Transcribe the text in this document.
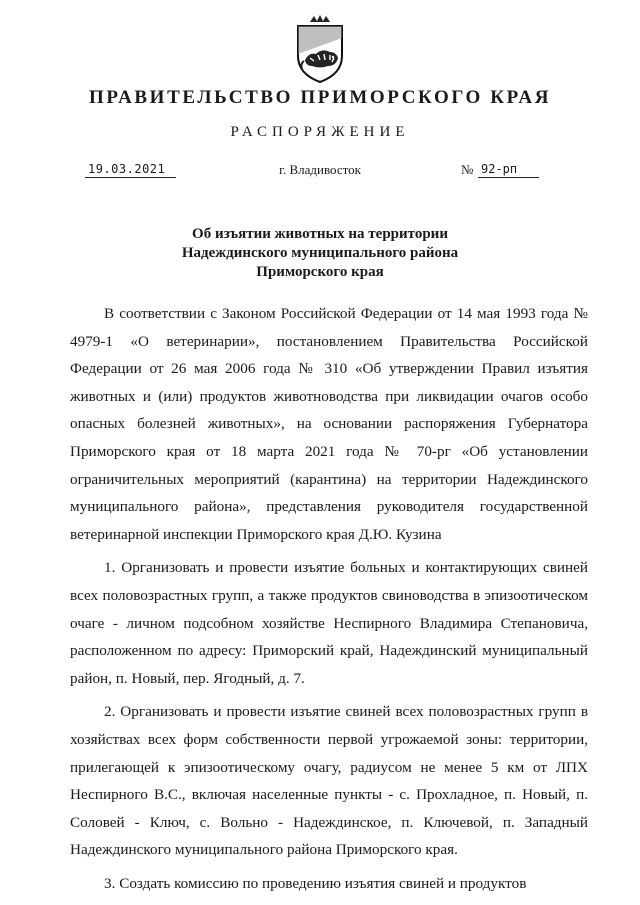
ПРАВИТЕЛЬСТВО ПРИМОРСКОГО КРАЯ
РАСПОРЯЖЕНИЕ
19.03.2021	г. Владивосток	№ 92-рп
Об изъятии животных на территории
Надеждинского муниципального района
Приморского края

В соответствии с Законом Российской Федерации от 14 мая 1993 года № 4979-1 «О ветеринарии», постановлением Правительства Российской Федерации от 26 мая 2006 года № 310 «Об утверждении Правил изъятия животных и (или) продуктов животноводства при ликвидации очагов особо опасных болезней животных», на основании распоряжения Губернатора Приморского края от 18 марта 2021 года № 70-рг «Об установлении ограничительных мероприятий (карантина) на территории Надеждинского муниципального района», представления руководителя государственной ветеринарной инспекции Приморского края Д.Ю. Кузина

1. Организовать и провести изъятие больных и контактирующих свиней всех половозрастных групп, а также продуктов свиноводства в эпизоотическом очаге - личном подсобном хозяйстве Неспирного Владимира Степановича, расположенном по адресу: Приморский край, Надеждинский муниципальный район, п. Новый, пер. Ягодный, д. 7.

2. Организовать и провести изъятие свиней всех половозрастных групп в хозяйствах всех форм собственности первой угрожаемой зоны: территории, прилегающей к эпизоотическому очагу, радиусом не менее 5 км от ЛПХ Неспирного В.С., включая населенные пункты - с. Прохладное, п. Новый, п. Соловей - Ключ, с. Вольно - Надеждинское, п. Ключевой, п. Западный Надеждинского муниципального района Приморского края.

3. Создать комиссию по проведению изъятия свиней и продуктов
